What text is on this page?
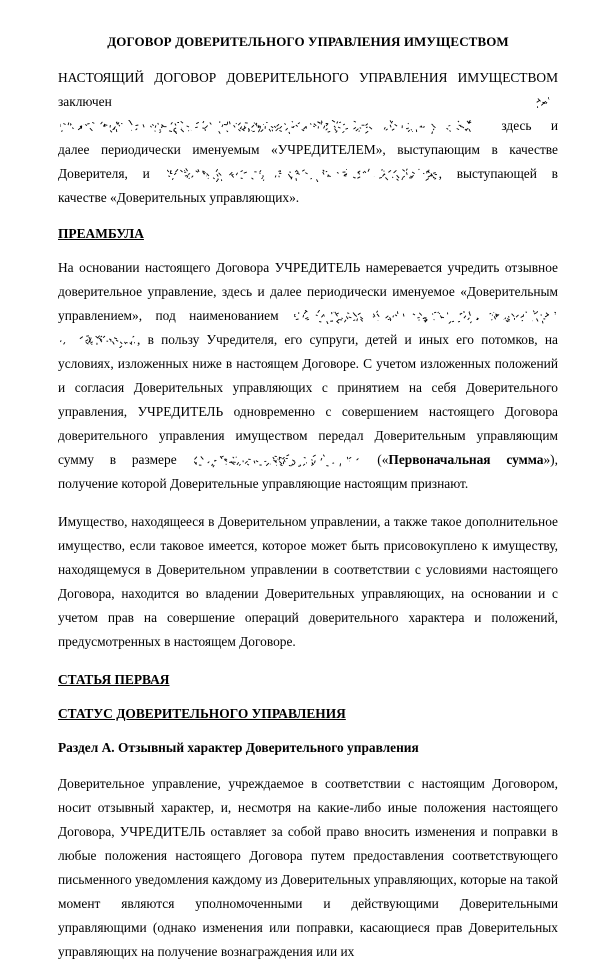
ДОГОВОР ДОВЕРИТЕЛЬНОГО УПРАВЛЕНИЯ ИМУЩЕСТВОМ

НАСТОЯЩИЙ ДОГОВОР ДОВЕРИТЕЛЬНОГО УПРАВЛЕНИЯ ИМУЩЕСТВОМ заключен

здесь и далее периодически именуемым «УЧРЕДИТЕЛЕМ», выступающим в качестве Доверителя, и	, выступающей в качестве «Доверительных управляющих».

ПРЕАМБУЛА

На основании настоящего Договора УЧРЕДИТЕЛЬ намеревается учредить отзывное доверительное управление, здесь и далее периодически именуемое «Доверительным управлением», под наименованием

, в пользу Учредителя, его супруги, детей и иных его потомков, на условиях, изложенных ниже в настоящем Договоре. С учетом изложенных положений и согласия Доверительных управляющих с принятием на себя Доверительного управления, УЧРЕДИТЕЛЬ одновременно с совершением настоящего Договора доверительного управления имуществом передал Доверительным управляющим сумму в размере	(«Первоначальная сумма»), получение которой Доверительные управляющие настоящим признают.

Имущество, находящееся в Доверительном управлении, а также такое дополнительное имущество, если таковое имеется, которое может быть присовокуплено к имуществу, находящемуся в Доверительном управлении в соответствии с условиями настоящего Договора, находится во владении Доверительных управляющих, на основании и с учетом прав на совершение операций доверительного характера и положений, предусмотренных в настоящем Договоре.

СТАТЬЯ ПЕРВАЯ
СТАТУС ДОВЕРИТЕЛЬНОГО УПРАВЛЕНИЯ
Раздел А. Отзывный характер Доверительного управления

Доверительное управление, учреждаемое в соответствии с настоящим Договором, носит отзывный характер, и, несмотря на какие-либо иные положения настоящего Договора, УЧРЕДИТЕЛЬ оставляет за собой право вносить изменения и поправки в любые положения настоящего Договора путем предоставления соответствующего письменного уведомления каждому из Доверительных управляющих, которые на такой момент являются уполномоченными и действующими Доверительными управляющими (однако изменения или поправки, касающиеся прав Доверительных управляющих на получение вознаграждения или их
